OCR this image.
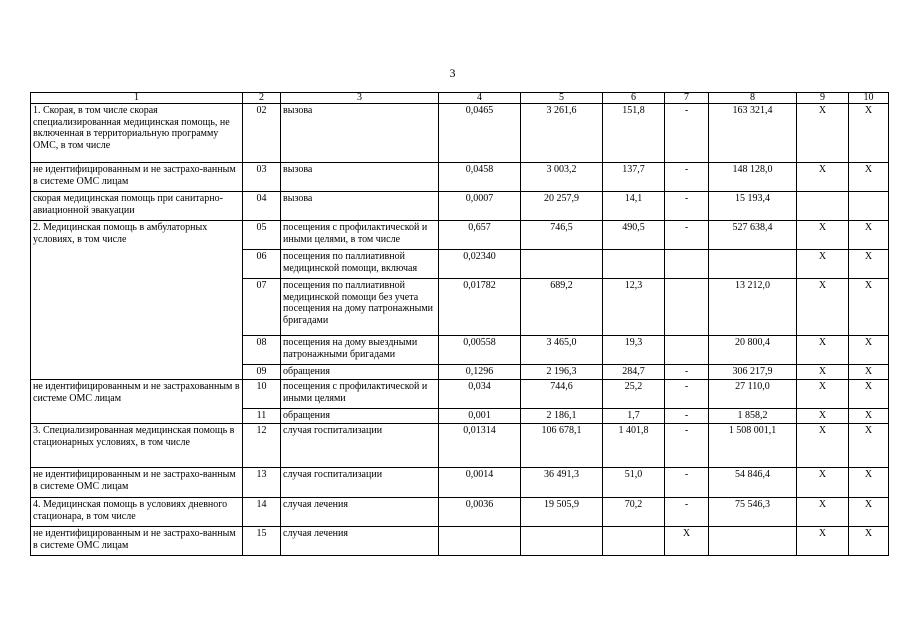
3
1	2	3	4	5	6	7	8	9	10
1. Скорая, в том числе скорая специализированная медицинская помощь, не включенная в территориальную программу ОМС, в том числе	02	вызова	0,0465	3 261,6	151,8	-	163 321,4	Х	Х
не идентифицированным и не застрахо-ванным в системе ОМС лицам	03	вызова	0,0458	3 003,2	137,7	-	148 128,0	Х	Х
скорая медицинская помощь при санитарно-авиационной эвакуации	04	вызова	0,0007	20 257,9	14,1	-	15 193,4		
2. Медицинская помощь в амбулаторных условиях, в том числе	05	посещения с профилактической и иными целями, в том числе	0,657	746,5	490,5	-	527 638,4	Х	Х
	06	посещения по паллиативной медицинской помощи, включая	0,02340					Х	Х
	07	посещения по паллиативной медицинской помощи без учета посещения на дому патронажными бригадами	0,01782	689,2	12,3		13 212,0	Х	Х
	08	посещения на дому выездными патронажными бригадами	0,00558	3 465,0	19,3		20 800,4	Х	Х
	09	обращения	0,1296	2 196,3	284,7	-	306 217,9	Х	Х
не идентифицированным и не застрахованным в системе ОМС лицам	10	посещения с профилактической и иными целями	0,034	744,6	25,2	-	27 110,0	Х	Х
	11	обращения	0,001	2 186,1	1,7	-	1 858,2	Х	Х
3. Специализированная медицинская помощь в стационарных условиях, в том числе	12	случая госпитализации	0,01314	106 678,1	1 401,8	-	1 508 001,1	Х	Х
не идентифицированным и не застрахо-ванным в системе ОМС лицам	13	случая госпитализации	0,0014	36 491,3	51,0	-	54 846,4	Х	Х
4. Медицинская помощь в условиях дневного стационара, в том числе	14	случая лечения	0,0036	19 505,9	70,2	-	75 546,3	Х	Х
не идентифицированным и не застрахо-ванным в системе ОМС лицам	15	случая лечения				Х		Х	Х
